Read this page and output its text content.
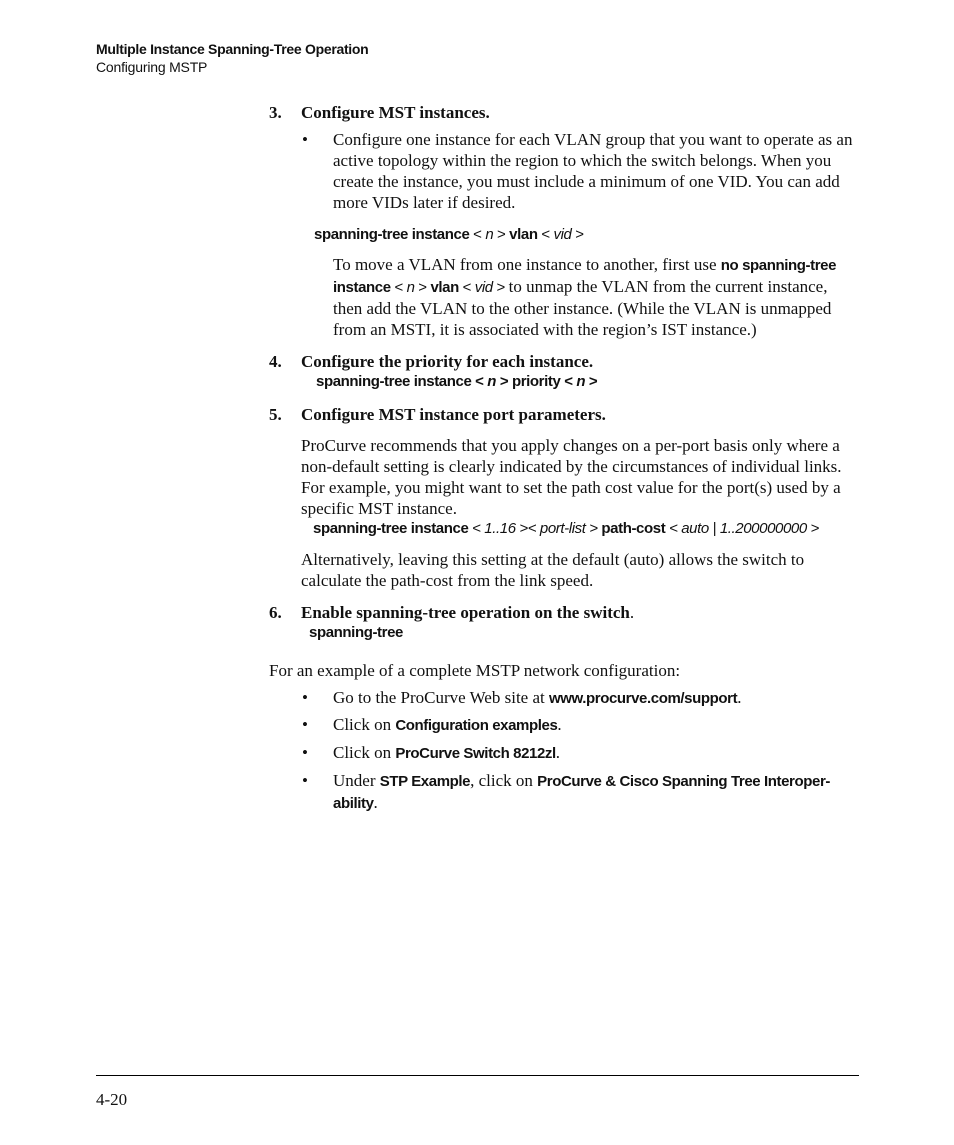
Multiple Instance Spanning-Tree Operation
Configuring MSTP
3. Configure MST instances.
• Configure one instance for each VLAN group that you want to operate as an active topology within the region to which the switch belongs. When you create the instance, you must include a minimum of one VID. You can add more VIDs later if desired.
spanning-tree instance < n > vlan < vid >
To move a VLAN from one instance to another, first use no spanning-tree instance < n > vlan < vid > to unmap the VLAN from the current instance, then add the VLAN to the other instance. (While the VLAN is unmapped from an MSTI, it is associated with the region’s IST instance.)
4. Configure the priority for each instance.
spanning-tree instance < n > priority < n >
5. Configure MST instance port parameters.
ProCurve recommends that you apply changes on a per-port basis only where a non-default setting is clearly indicated by the circumstances of individual links. For example, you might want to set the path cost value for the port(s) used by a specific MST instance.
spanning-tree instance < 1..16 >< port-list > path-cost < auto | 1..200000000 >
Alternatively, leaving this setting at the default (auto) allows the switch to calculate the path-cost from the link speed.
6. Enable spanning-tree operation on the switch.
spanning-tree
For an example of a complete MSTP network configuration:
• Go to the ProCurve Web site at www.procurve.com/support.
• Click on Configuration examples.
• Click on ProCurve Switch 8212zl.
• Under STP Example, click on ProCurve & Cisco Spanning Tree Interoper-ability.
4-20
